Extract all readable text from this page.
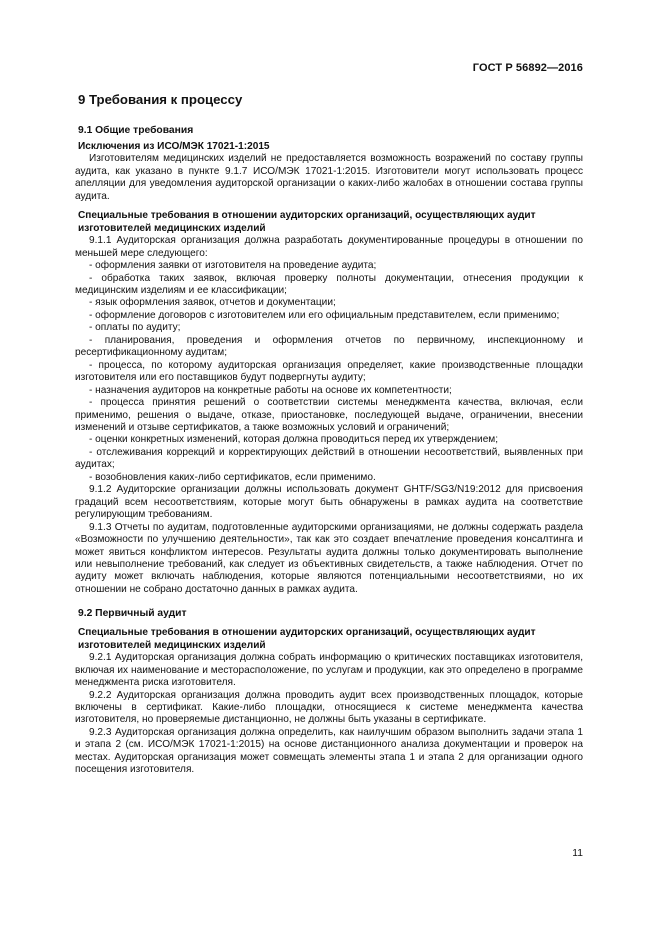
ГОСТ Р 56892—2016
9 Требования к процессу
9.1 Общие требования

Исключения из ИСО/МЭК 17021-1:2015

Изготовителям медицинских изделий не предоставляется возможность возражений по составу группы аудита, как указано в пункте 9.1.7 ИСО/МЭК 17021-1:2015. Изготовители могут использовать процесс апелляции для уведомления аудиторской организации о каких-либо жалобах в отношении состава группы аудита.

Специальные требования в отношении аудиторских организаций, осуществляющих аудит изготовителей медицинских изделий

9.1.1 Аудиторская организация должна разработать документированные процедуры в отношении по меньшей мере следующего:

- оформления заявки от изготовителя на проведение аудита;

- обработка таких заявок, включая проверку полноты документации, отнесения продукции к медицинским изделиям и ее классификации;

- язык оформления заявок, отчетов и документации;

- оформление договоров с изготовителем или его официальным представителем, если применимо;

- оплаты по аудиту;

- планирования, проведения и оформления отчетов по первичному, инспекционному и ресертификационному аудитам;

- процесса, по которому аудиторская организация определяет, какие производственные площадки изготовителя или его поставщиков будут подвергнуты аудиту;

- назначения аудиторов на конкретные работы на основе их компетентности;

- процесса принятия решений о соответствии системы менеджмента качества, включая, если применимо, решения о выдаче, отказе, приостановке, последующей выдаче, ограничении, внесении изменений и отзыве сертификатов, а также возможных условий и ограничений;

- оценки конкретных изменений, которая должна проводиться перед их утверждением;

- отслеживания коррекций и корректирующих действий в отношении несоответствий, выявленных при аудитах;

- возобновления каких-либо сертификатов, если применимо.

9.1.2 Аудиторские организации должны использовать документ GHTF/SG3/N19:2012 для присвоения градаций всем несоответствиям, которые могут быть обнаружены в рамках аудита на соответствие регулирующим требованиям.

9.1.3 Отчеты по аудитам, подготовленные аудиторскими организациями, не должны содержать раздела «Возможности по улучшению деятельности», так как это создает впечатление проведения консалтинга и может явиться конфликтом интересов. Результаты аудита должны только документировать выполнение или невыполнение требований, как следует из объективных свидетельств, а также наблюдения. Отчет по аудиту может включать наблюдения, которые являются потенциальными несоответствиями, но их отношении не собрано достаточно данных в рамках аудита.

9.2 Первичный аудит

Специальные требования в отношении аудиторских организаций, осуществляющих аудит изготовителей медицинских изделий

9.2.1 Аудиторская организация должна собрать информацию о критических поставщиках изготовителя, включая их наименование и месторасположение, по услугам и продукции, как это определено в программе менеджмента риска изготовителя.

9.2.2 Аудиторская организация должна проводить аудит всех производственных площадок, которые включены в сертификат. Какие-либо площадки, относящиеся к системе менеджмента качества изготовителя, но проверяемые дистанционно, не должны быть указаны в сертификате.

9.2.3 Аудиторская организация должна определить, как наилучшим образом выполнить задачи этапа 1 и этапа 2 (см. ИСО/МЭК 17021-1:2015) на основе дистанционного анализа документации и проверок на местах. Аудиторская организация может совмещать элементы этапа 1 и этапа 2 для организации одного посещения изготовителя.

11
